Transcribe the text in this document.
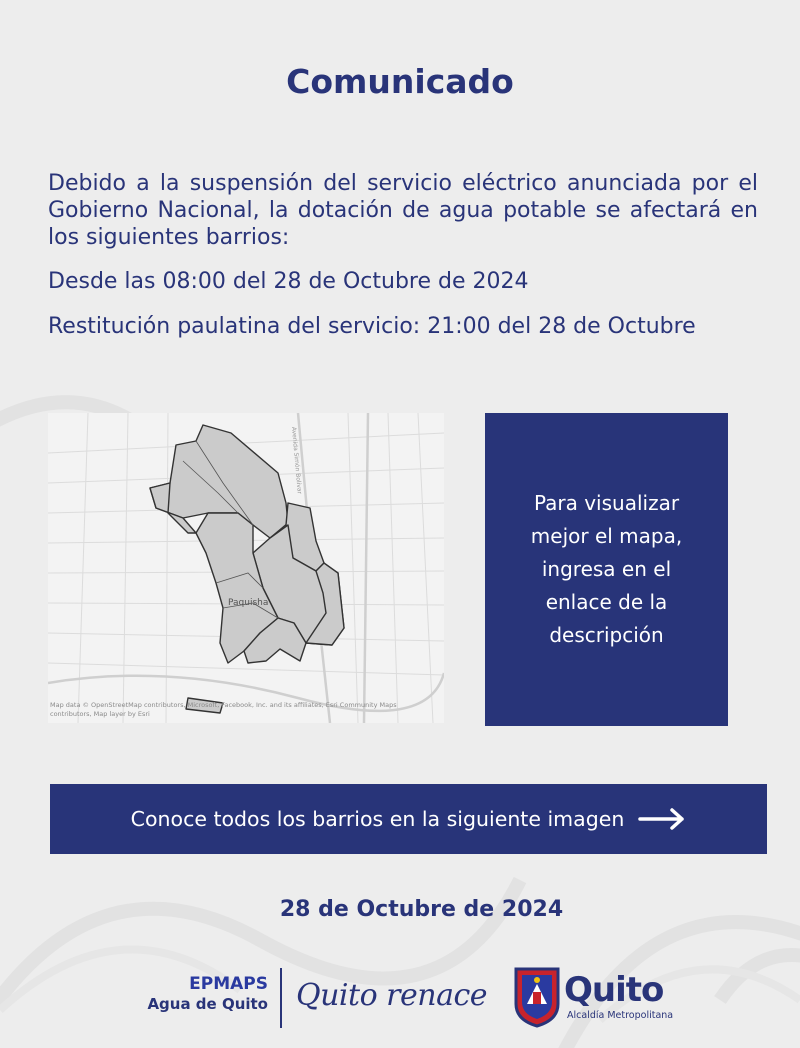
Comunicado
Debido a la suspensión del servicio eléctrico anunciada por el Gobierno Nacional, la dotación de agua potable se afectará en los siguientes barrios:
Desde las 08:00 del 28 de Octubre de 2024
Restitución paulatina del servicio: 21:00 del 28 de Octubre
Avenida Simón Bolívar
Paquisha
Map data © OpenStreetMap contributors, Microsoft, Facebook, Inc. and its affiliates, Esri Community Maps contributors, Map layer by Esri
Para visualizar mejor el mapa, ingresa en el enlace de la descripción
Conoce todos los barrios en la siguiente imagen
28 de Octubre de 2024
EPMAPS
Agua de Quito Quito renace Quito
Alcaldía Metropolitana
